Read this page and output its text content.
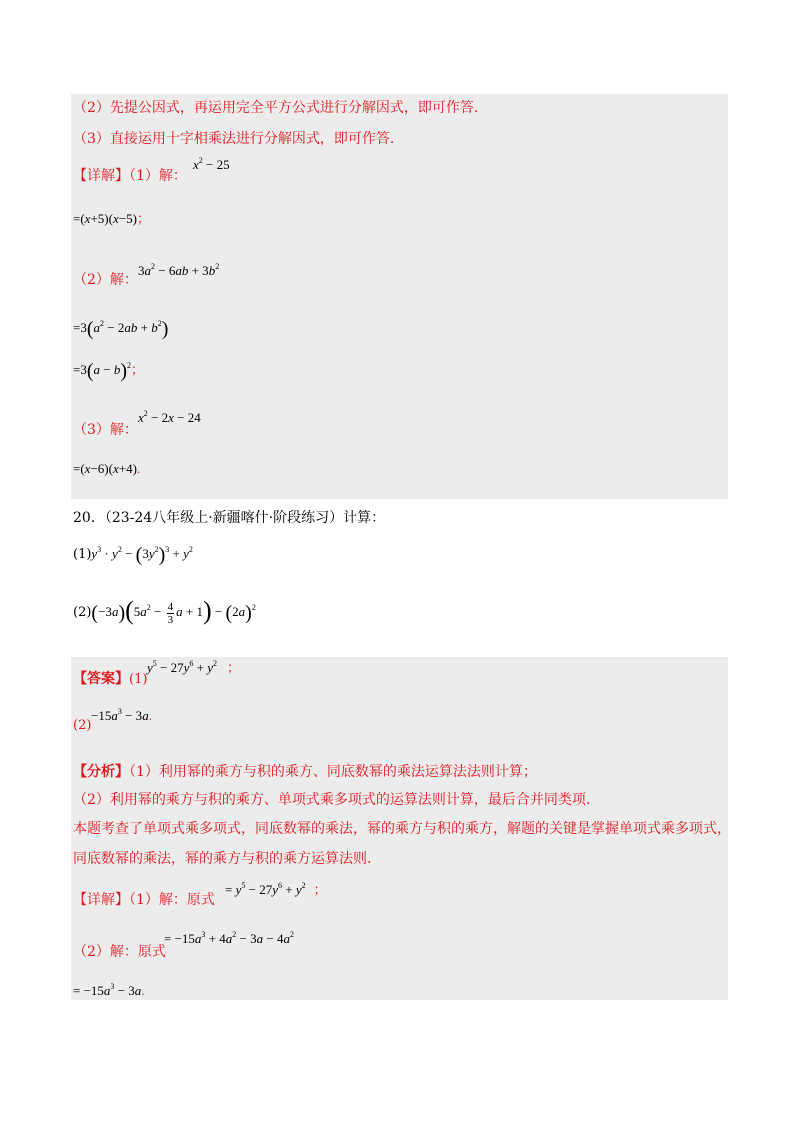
（2）先提公因式，再运用完全平方公式进行分解因式，即可作答.
（3）直接运用十字相乘法进行分解因式，即可作答.
【详解】（1）解：
$x^2 - 25$
=(x+5)(x−5)；
（2）解：
$3a^2 - 6ab + 3b^2$
$=3(a^2 - 2ab + b^2)$
$=3(a - b)^2$；
（3）解：
$x^2 - 2x - 24$
=(x−6)(x+4).
20．（23-24八年级上·新疆喀什·阶段练习）计算：
$(1)y^3 \cdot y^2 - (3y^2)^3 + y^2$
$(2)(-3a)(5a^2 - \frac{4}{3}$ $a + 1) - (2a)^2$
【答案】(1)
$y^5 - 27y^6 + y^2$ ；
(2)
$-15a^3 - 3a$.
【分析】（1）利用幂的乘方与积的乘方、同底数幂的乘法运算法法则计算；
（2）利用幂的乘方与积的乘方、单项式乘多项式的运算法则计算，最后合并同类项.
本题考查了单项式乘多项式，同底数幂的乘法，幂的乘方与积的乘方，解题的关键是掌握单项式乘多项式，
同底数幂的乘法，幂的乘方与积的乘方运算法则.
【详解】（1）解：原式
= $y^5 - 27y^6 + y^2$ ；
（2）解：原式
= $-15a^3 + 4a^2 - 3a - 4a^2$
= $-15a^3 - 3a$.
